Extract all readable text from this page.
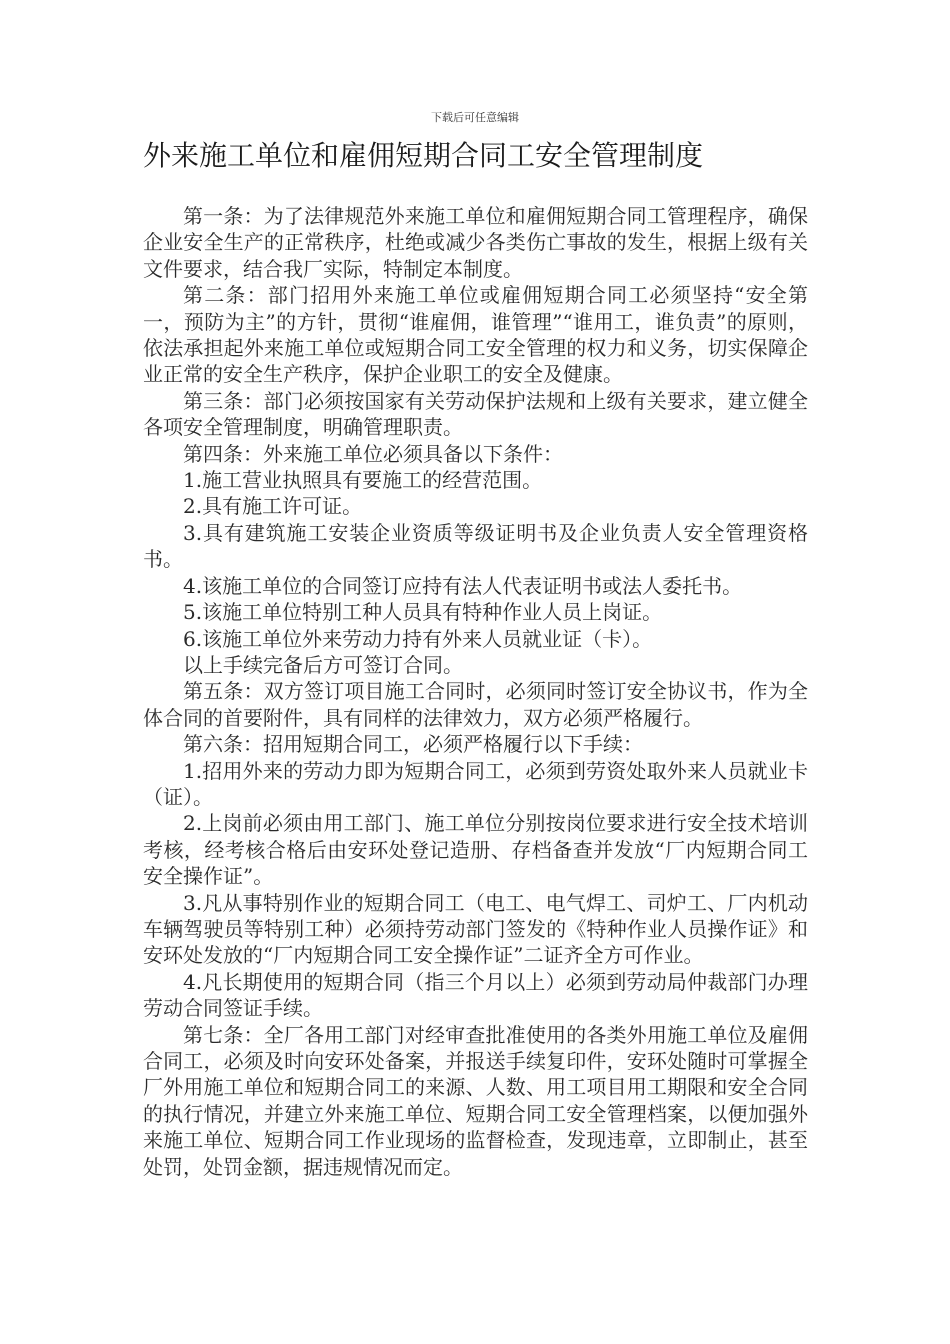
下载后可任意编辑
外来施工单位和雇佣短期合同工安全管理制度

第一条：为了法律规范外来施工单位和雇佣短期合同工管理程序，确保企业安全生产的正常秩序，杜绝或减少各类伤亡事故的发生，根据上级有关文件要求，结合我厂实际，特制定本制度。

第二条：部门招用外来施工单位或雇佣短期合同工必须坚持“安全第一，预防为主”的方针，贯彻“谁雇佣，谁管理”“谁用工，谁负责”的原则，依法承担起外来施工单位或短期合同工安全管理的权力和义务，切实保障企业正常的安全生产秩序，保护企业职工的安全及健康。

第三条：部门必须按国家有关劳动保护法规和上级有关要求，建立健全各项安全管理制度，明确管理职责。

第四条：外来施工单位必须具备以下条件：

1.施工营业执照具有要施工的经营范围。

2.具有施工许可证。

3.具有建筑施工安装企业资质等级证明书及企业负责人安全管理资格书。

4.该施工单位的合同签订应持有法人代表证明书或法人委托书。

5.该施工单位特别工种人员具有特种作业人员上岗证。

6.该施工单位外来劳动力持有外来人员就业证（卡）。

以上手续完备后方可签订合同。

第五条：双方签订项目施工合同时，必须同时签订安全协议书，作为全体合同的首要附件，具有同样的法律效力，双方必须严格履行。

第六条：招用短期合同工，必须严格履行以下手续：

1.招用外来的劳动力即为短期合同工，必须到劳资处取外来人员就业卡（证）。

2.上岗前必须由用工部门、施工单位分别按岗位要求进行安全技术培训考核，经考核合格后由安环处登记造册、存档备查并发放“厂内短期合同工安全操作证”。

3.凡从事特别作业的短期合同工（电工、电气焊工、司炉工、厂内机动车辆驾驶员等特别工种）必须持劳动部门签发的《特种作业人员操作证》和安环处发放的“厂内短期合同工安全操作证”二证齐全方可作业。

4.凡长期使用的短期合同（指三个月以上）必须到劳动局仲裁部门办理劳动合同签证手续。

第七条：全厂各用工部门对经审查批准使用的各类外用施工单位及雇佣合同工，必须及时向安环处备案，并报送手续复印件，安环处随时可掌握全厂外用施工单位和短期合同工的来源、人数、用工项目用工期限和安全合同的执行情况，并建立外来施工单位、短期合同工安全管理档案，以便加强外来施工单位、短期合同工作业现场的监督检查，发现违章，立即制止，甚至处罚，处罚金额，据违规情况而定。
